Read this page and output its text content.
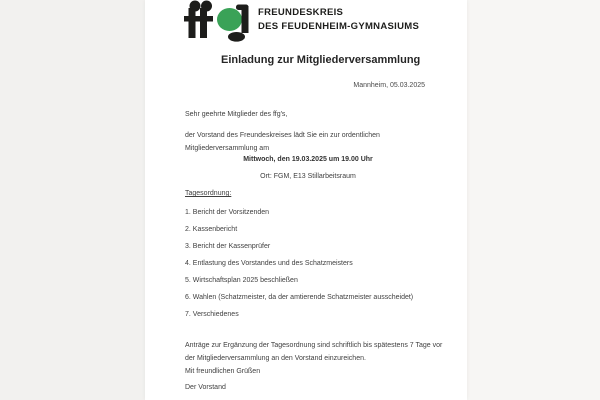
FREUNDESKREIS
DES FEUDENHEIM-GYMNASIUMS
Einladung zur Mitgliederversammlung
Mannheim, 05.03.2025
Sehr geehrte Mitglieder des ffg's,
der Vorstand des Freundeskreises lädt Sie ein zur ordentlichen
Mitgliederversammlung am
Mittwoch, den 19.03.2025 um 19.00 Uhr
Ort: FGM, E13 Stillarbeitsraum
Tagesordnung:
1. Bericht der Vorsitzenden
2. Kassenbericht
3. Bericht der Kassenprüfer
4. Entlastung des Vorstandes und des Schatzmeisters
5. Wirtschaftsplan 2025 beschließen
6. Wahlen (Schatzmeister, da der amtierende Schatzmeister ausscheidet)
7. Verschiedenes
Anträge zur Ergänzung der Tagesordnung sind schriftlich bis spätestens 7 Tage vor
der Mitgliederversammlung an den Vorstand einzureichen.
Mit freundlichen Grüßen
Der Vorstand
